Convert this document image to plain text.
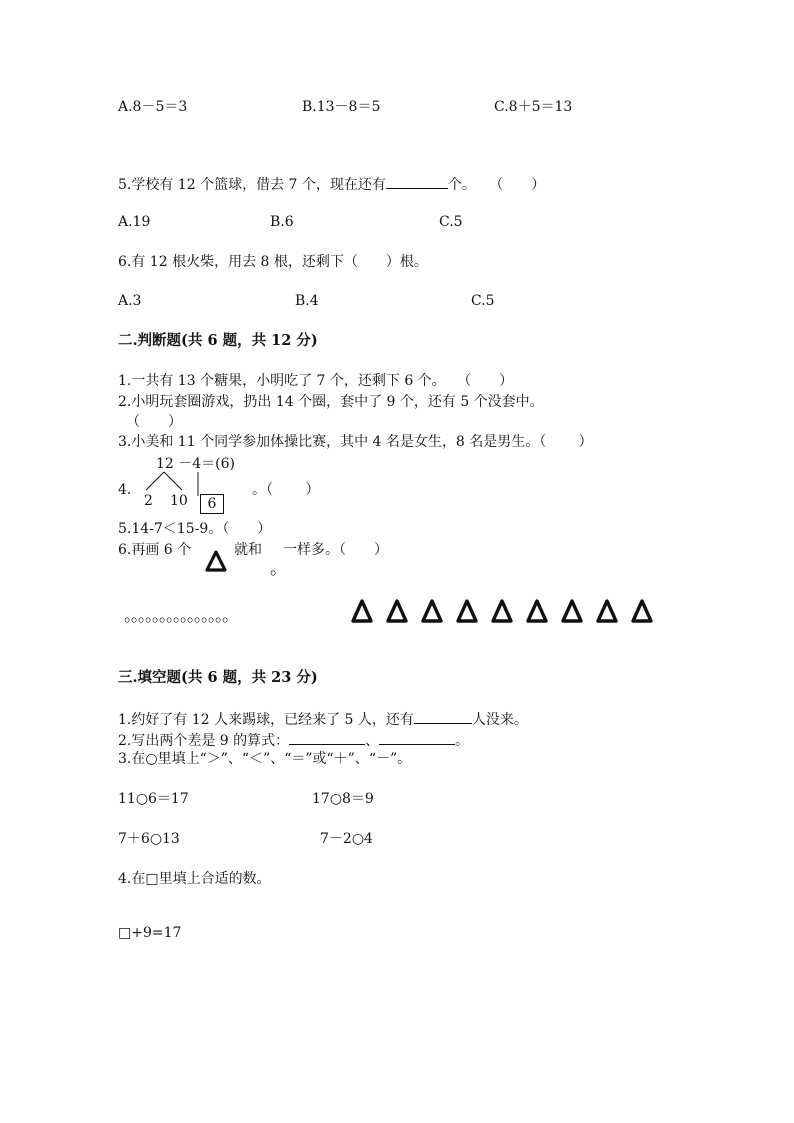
A.8－5＝3	B.13－8＝5	C.8＋5＝13
5.学校有 12 个篮球，借去 7 个，现在还有	个。 （　　）
A.19	B.6	C.5
6.有 12 根火柴，用去 8 根，还剩下（　　）根。
A.3	B.4	C.5
二.判断题(共 6 题，共 12 分)
1.一共有 13 个糖果，小明吃了 7 个，还剩下 6 个。　 （　　）
2.小明玩套圈游戏，扔出 14 个圈，套中了 9 个，还有 5 个没套中。
（　　）
3.小美和 11 个同学参加体操比赛，其中 4 名是女生，8 名是男生。（　　 ）
4.
12 －4＝(6)
2 10	6
。（　　 ）
5.14-7＜15-9。（　　）
6.再画 6 个	就和 一样多。（　　）
。
。。。。。。。。。。。。。。。
三.填空题(共 6 题，共 23 分)
1.约好了有 12 人来踢球，已经来了 5 人，还有	人没来。
2.写出两个差是 9 的算式：	、	。
3.在○里填上“＞”、“＜”、“＝”或“＋”、“－”。
11○6＝17	17○8＝9
7＋6○13	7－2○4
4.在□里填上合适的数。
□+9=17
